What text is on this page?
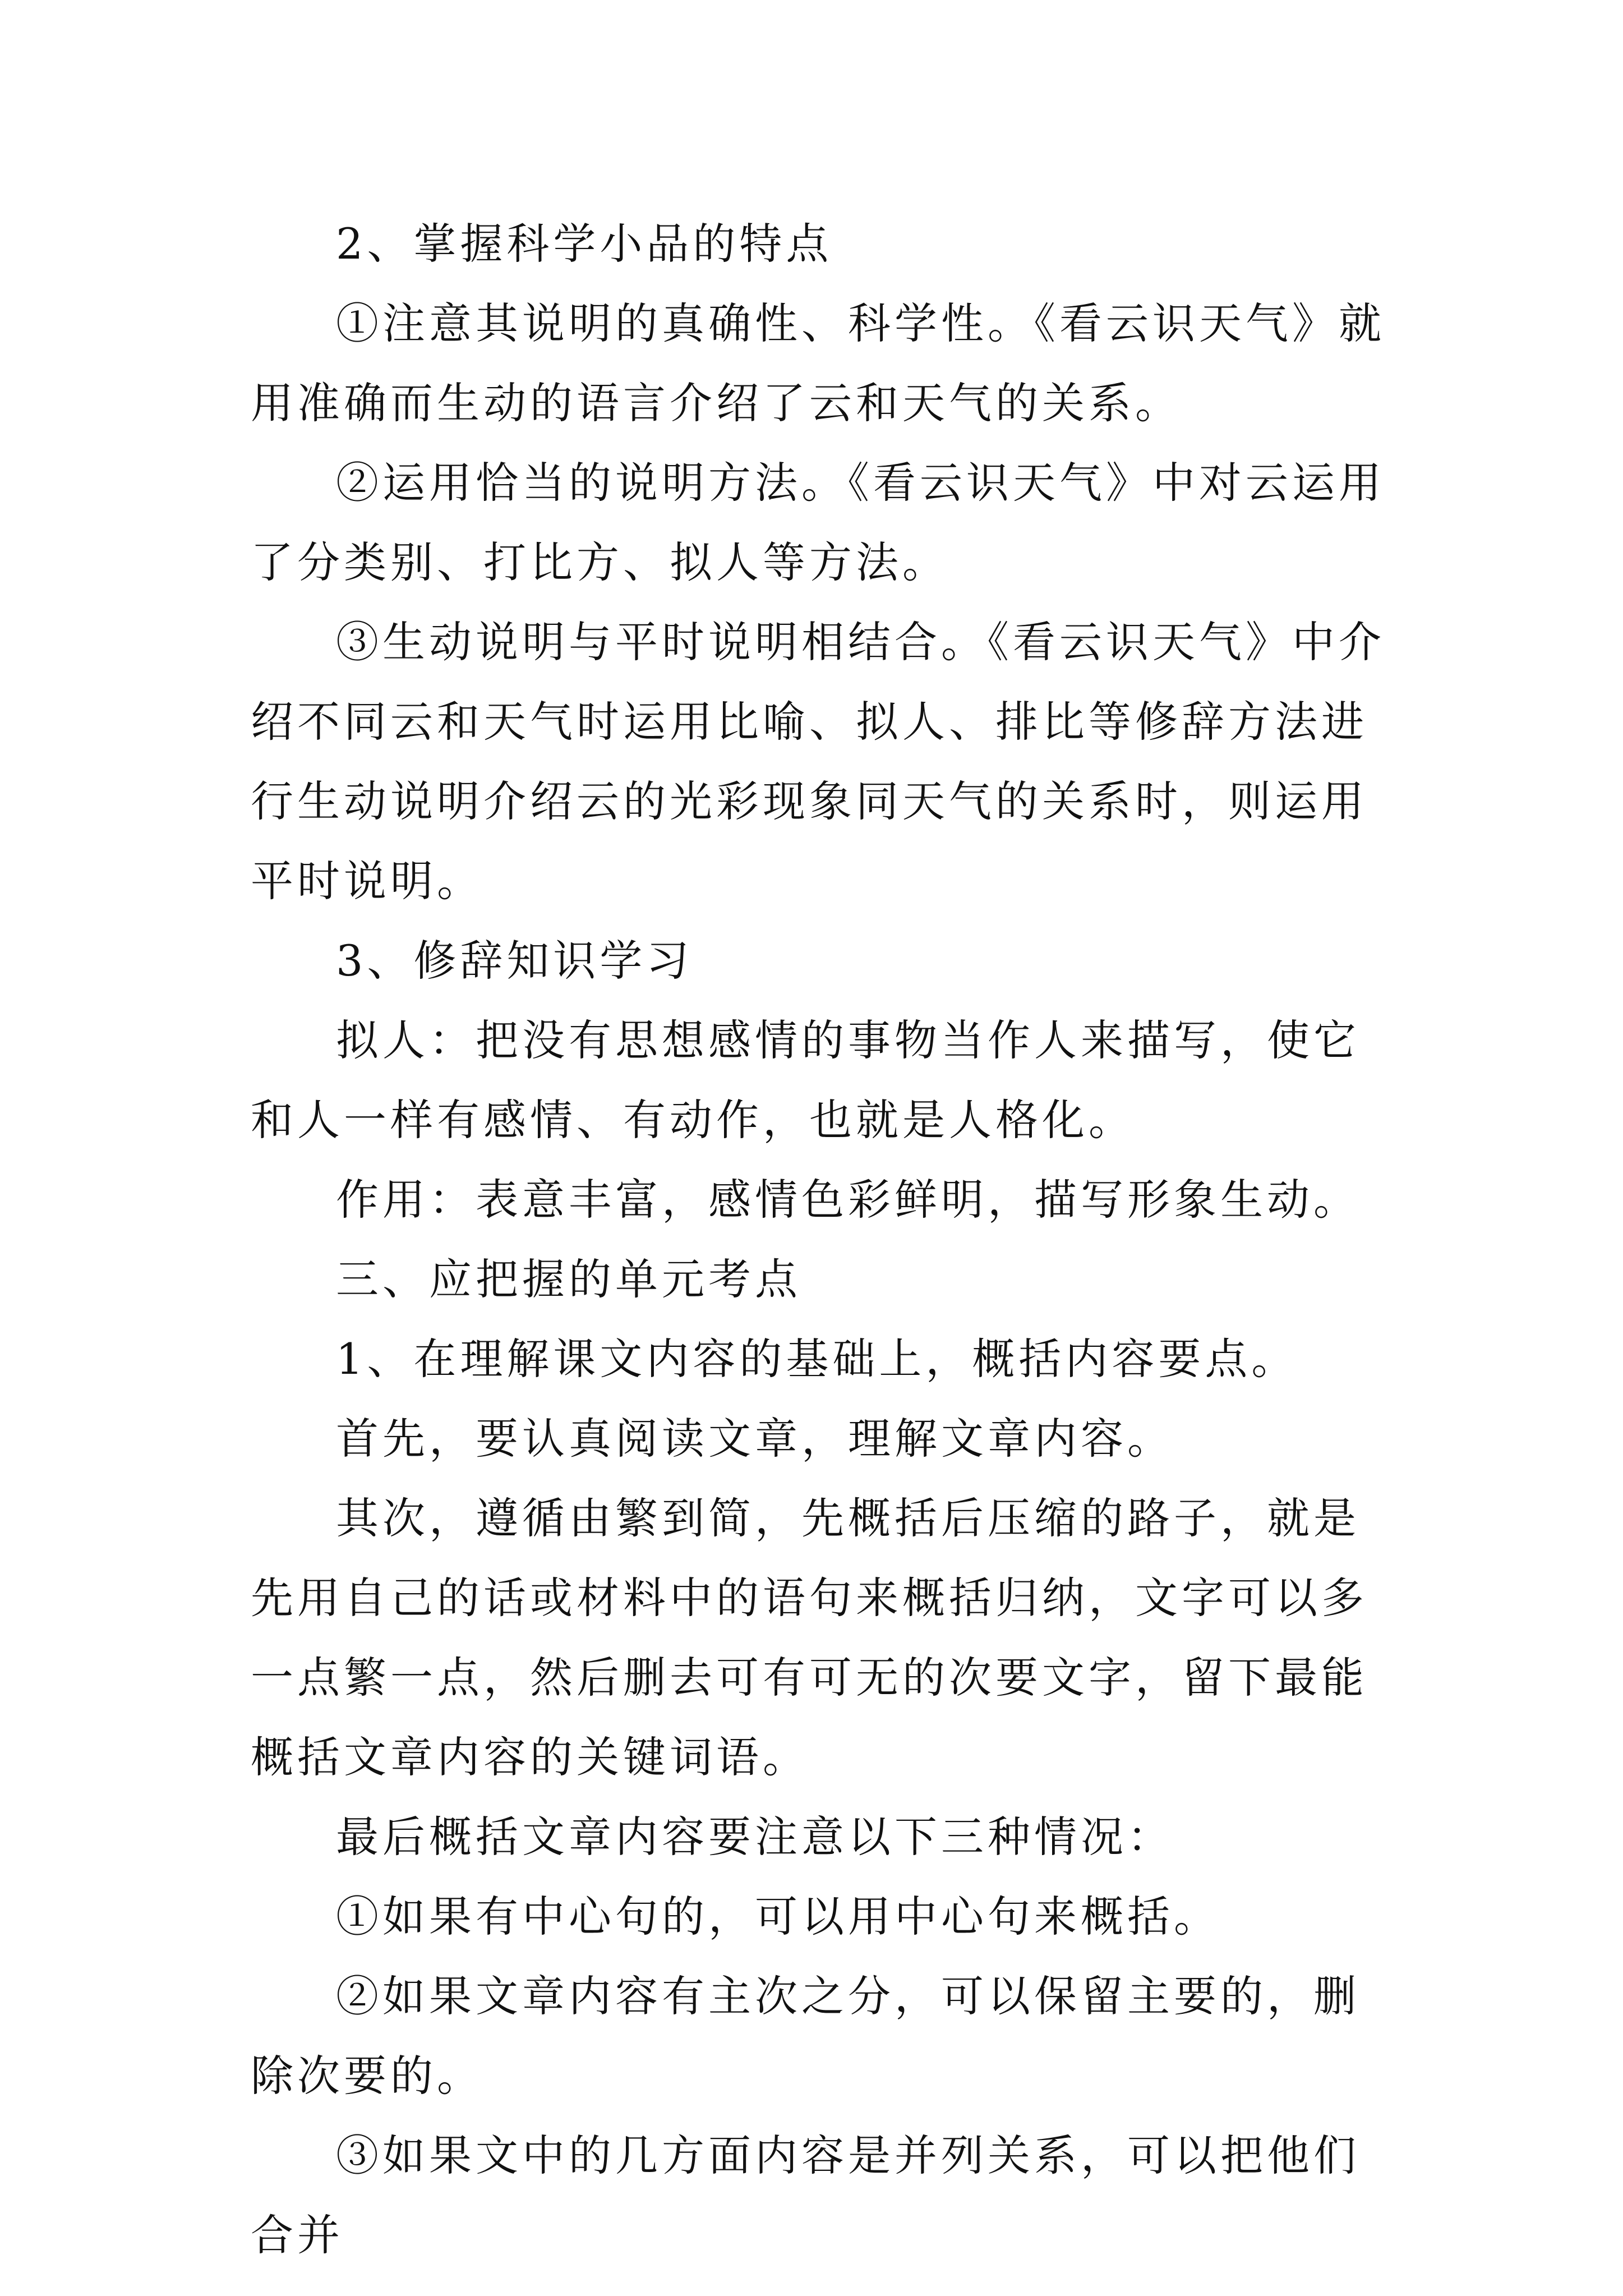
2、掌握科学小品的特点

①注意其说明的真确性、科学性。《看云识天气》就用准确而生动的语言介绍了云和天气的关系。

②运用恰当的说明方法。《看云识天气》中对云运用了分类别、打比方、拟人等方法。

③生动说明与平时说明相结合。《看云识天气》中介绍不同云和天气时运用比喻、拟人、排比等修辞方法进行生动说明介绍云的光彩现象同天气的关系时，则运用平时说明。

3、修辞知识学习

拟人：把没有思想感情的事物当作人来描写，使它和人一样有感情、有动作，也就是人格化。

作用：表意丰富，感情色彩鲜明，描写形象生动。

三、应把握的单元考点

1、在理解课文内容的基础上，概括内容要点。

首先，要认真阅读文章，理解文章内容。

其次，遵循由繁到简，先概括后压缩的路子，就是先用自己的话或材料中的语句来概括归纳，文字可以多一点繁一点，然后删去可有可无的次要文字，留下最能概括文章内容的关键词语。

最后概括文章内容要注意以下三种情况：

①如果有中心句的，可以用中心句来概括。

②如果文章内容有主次之分，可以保留主要的，删除次要的。

③如果文中的几方面内容是并列关系，可以把他们合并
